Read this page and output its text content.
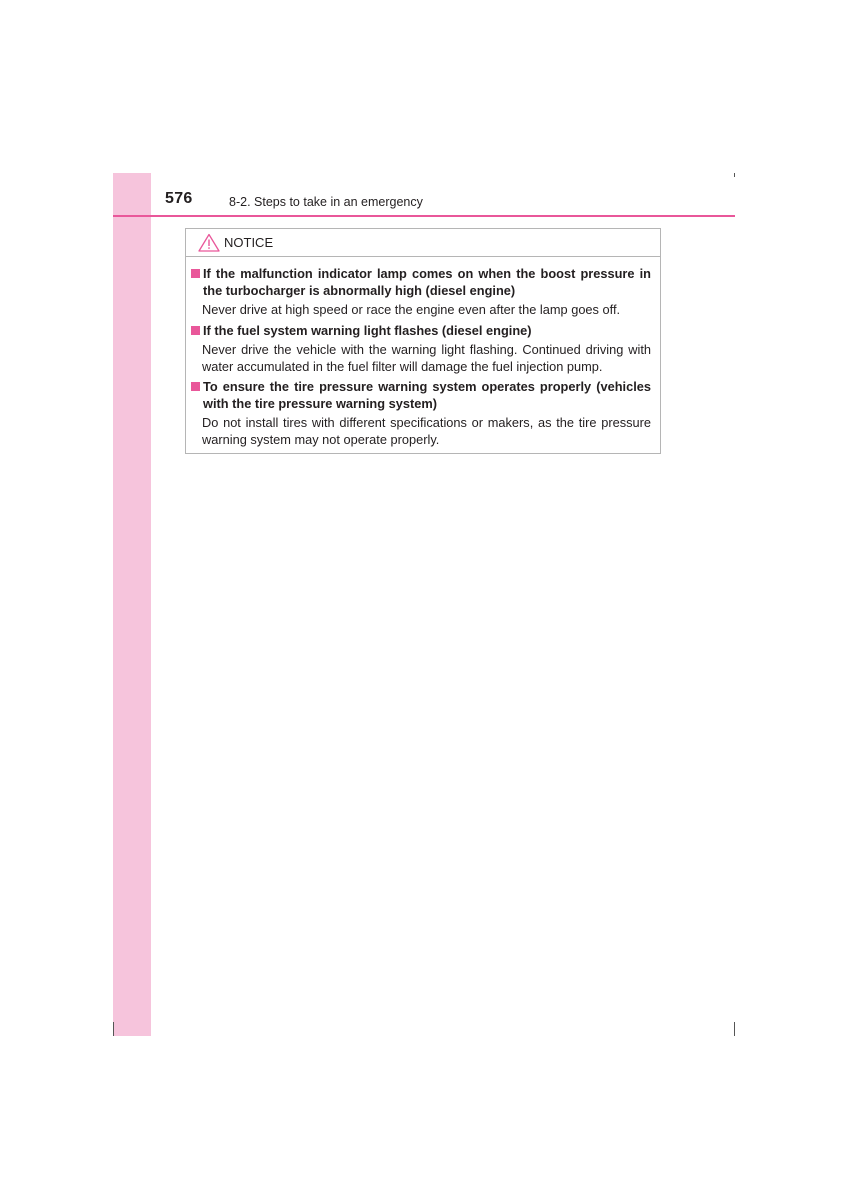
576	8-2. Steps to take in an emergency
NOTICE
If the malfunction indicator lamp comes on when the boost pressure in the turbocharger is abnormally high (diesel engine)
Never drive at high speed or race the engine even after the lamp goes off.
If the fuel system warning light flashes (diesel engine)
Never drive the vehicle with the warning light flashing. Continued driving with water accumulated in the fuel filter will damage the fuel injection pump.
To ensure the tire pressure warning system operates properly (vehicles with the tire pressure warning system)
Do not install tires with different specifications or makers, as the tire pressure warning system may not operate properly.
